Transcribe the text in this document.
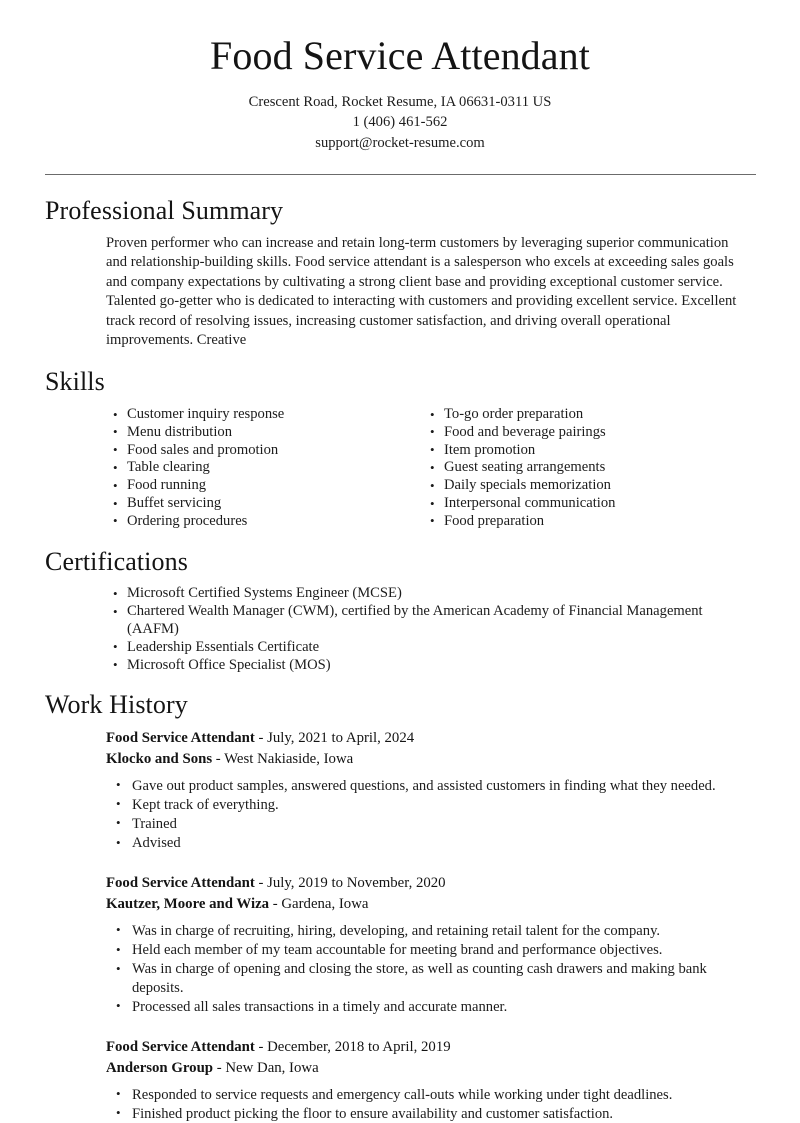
Food Service Attendant
Crescent Road, Rocket Resume, IA 06631-0311 US
1 (406) 461-562
support@rocket-resume.com
Professional Summary

Proven performer who can increase and retain long-term customers by leveraging superior communication and relationship-building skills. Food service attendant is a salesperson who excels at exceeding sales goals and company expectations by cultivating a strong client base and providing exceptional customer service. Talented go-getter who is dedicated to interacting with customers and providing excellent service. Excellent track record of resolving issues, increasing customer satisfaction, and driving overall operational improvements. Creative

Skills
• Customer inquiry response
• Menu distribution
• Food sales and promotion
• Table clearing
• Food running
• Buffet servicing
• Ordering procedures
• To-go order preparation
• Food and beverage pairings
• Item promotion
• Guest seating arrangements
• Daily specials memorization
• Interpersonal communication
• Food preparation
Certifications
• Microsoft Certified Systems Engineer (MCSE)
• Chartered Wealth Manager (CWM), certified by the American Academy of Financial Management (AAFM)
• Leadership Essentials Certificate
• Microsoft Office Specialist (MOS)
Work History
Food Service Attendant - July, 2021 to April, 2024
Klocko and Sons - West Nakiaside, Iowa
• Gave out product samples, answered questions, and assisted customers in finding what they needed.
• Kept track of everything.
• Trained
• Advised
Food Service Attendant - July, 2019 to November, 2020
Kautzer, Moore and Wiza - Gardena, Iowa
• Was in charge of recruiting, hiring, developing, and retaining retail talent for the company.
• Held each member of my team accountable for meeting brand and performance objectives.
• Was in charge of opening and closing the store, as well as counting cash drawers and making bank deposits.
• Processed all sales transactions in a timely and accurate manner.
Food Service Attendant - December, 2018 to April, 2019
Anderson Group - New Dan, Iowa
• Responded to service requests and emergency call-outs while working under tight deadlines.
• Finished product picking the floor to ensure availability and customer satisfaction.
